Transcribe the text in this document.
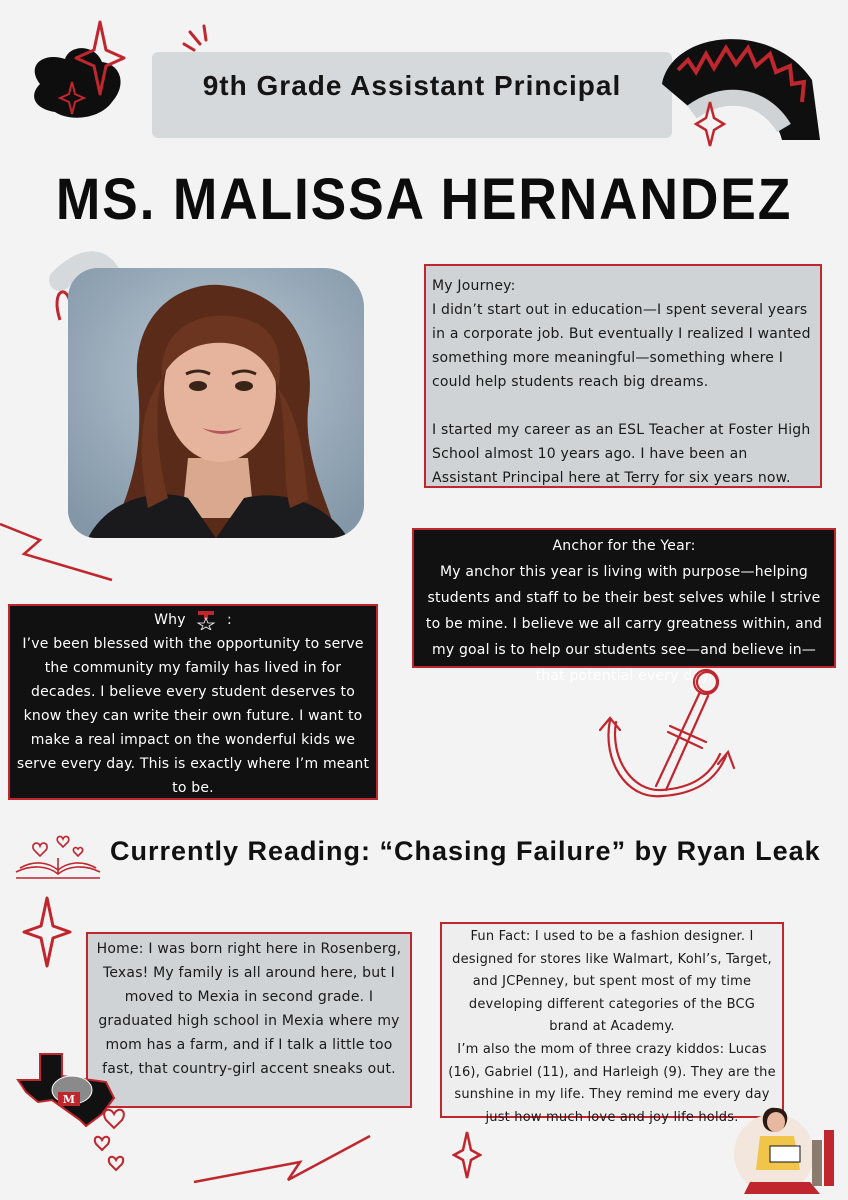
9th Grade Assistant Principal
MS. MALISSA HERNANDEZ

My Journey:

I didn’t start out in education—I spent several years in a corporate job. But eventually I realized I wanted something more meaningful—something where I could help students reach big dreams.

I started my career as an ESL Teacher at Foster High School almost 10 years ago. I have been an Assistant Principal here at Terry for six years now.

Anchor for the Year:
My anchor this year is living with purpose—helping students and staff to be their best selves while I strive to be mine. I believe we all carry greatness within, and my goal is to help our students see—and believe in—that potential every day.
Why	:
I’ve been blessed with the opportunity to serve the community my family has lived in for decades. I believe every student deserves to know they can write their own future. I want to make a real impact on the wonderful kids we serve every day. This is exactly where I’m meant to be.
Currently Reading: “Chasing Failure” by Ryan Leak
Home: I was born right here in Rosenberg, Texas! My family is all around here, but I moved to Mexia in second grade. I graduated high school in Mexia where my mom has a farm, and if I talk a little too fast, that country-girl accent sneaks out.
Fun Fact: I used to be a fashion designer. I designed for stores like Walmart, Kohl’s, Target, and JCPenney, but spent most of my time developing different categories of the BCG brand at Academy.
I’m also the mom of three crazy kiddos: Lucas (16), Gabriel (11), and Harleigh (9). They are the sunshine in my life. They remind me every day just how much love and joy life holds.
M
